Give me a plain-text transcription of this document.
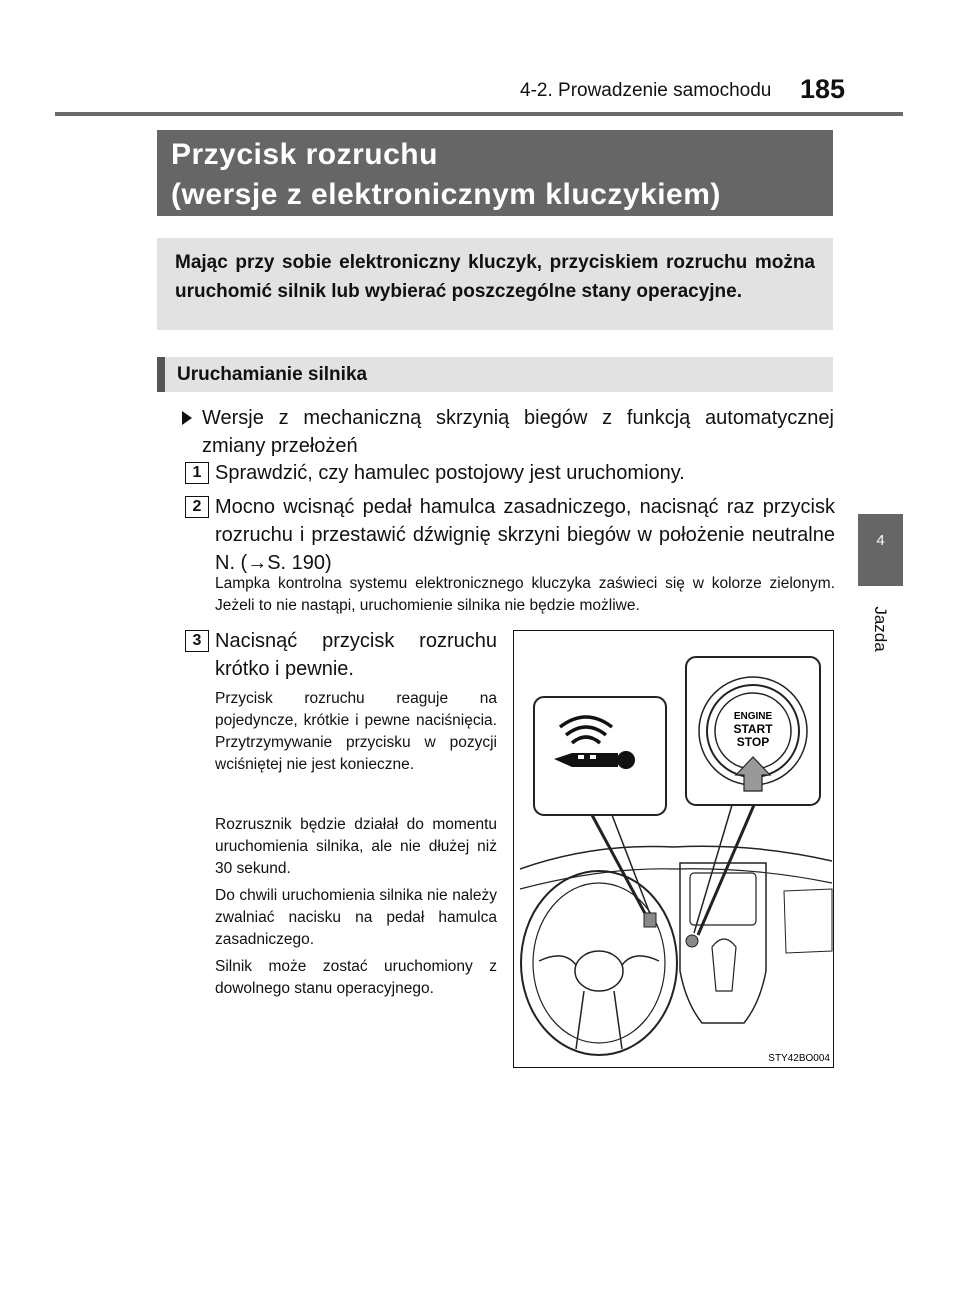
4-2. Prowadzenie samochodu 185
4
Jazda
Przycisk rozruchu
(wersje z elektronicznym kluczykiem)
Mając przy sobie elektroniczny kluczyk, przyciskiem rozruchu można uruchomić silnik lub wybierać poszczególne stany operacyjne.
Uruchamianie silnika

Wersje z mechaniczną skrzynią biegów z funkcją automatycznej zmiany przełożeń

1 Sprawdzić, czy hamulec postojowy jest uruchomiony.
2 Mocno wcisnąć pedał hamulca zasadniczego, nacisnąć raz przycisk rozruchu i przestawić dźwignię skrzyni biegów w położenie neutralne N. (→S. 190)
Lampka kontrolna systemu elektronicznego kluczyka zaświeci się w kolorze zielonym. Jeżeli to nie nastąpi, uruchomienie silnika nie będzie możliwe.
3 Nacisnąć przycisk rozruchu krótko i pewnie.
Przycisk rozruchu reaguje na pojedyncze, krótkie i pewne naciśnięcia. Przytrzymywanie przycisku w pozycji wciśniętej nie jest konieczne.
Rozrusznik będzie działał do momentu uruchomienia silnika, ale nie dłużej niż 30 sekund.
Do chwili uruchomienia silnika nie należy zwalniać nacisku na pedał hamulca zasadniczego.
Silnik może zostać uruchomiony z dowolnego stanu operacyjnego.
ENGINE
START
STOP
STY42BO004
